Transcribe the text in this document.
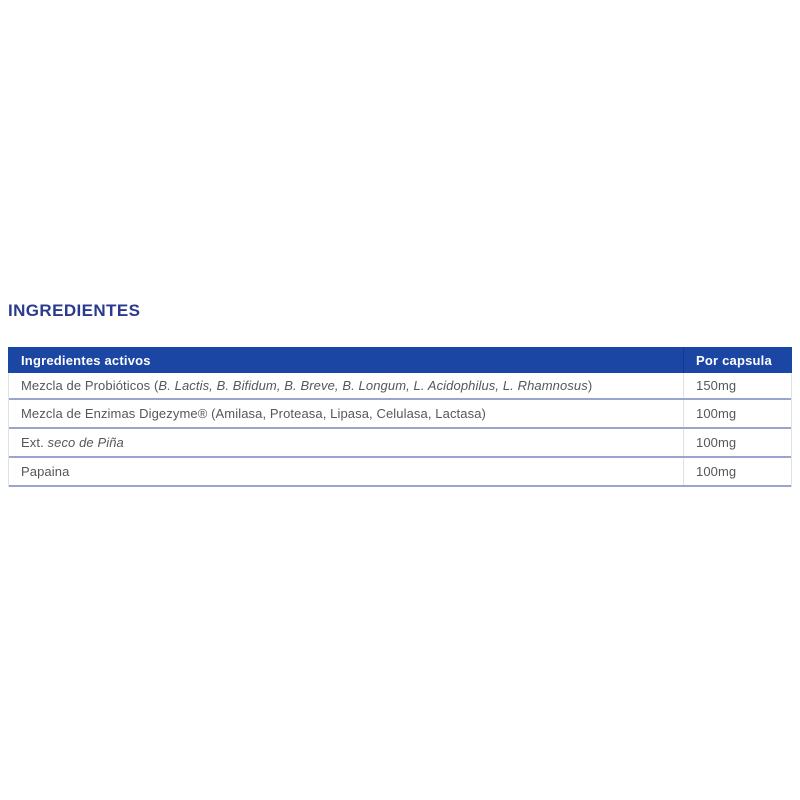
INGREDIENTES
Ingredientes activos	Por capsula
Mezcla de Probióticos ( B. Lactis, B. Bifidum, B. Breve, B. Longum, L. Acidophilus, L. Rhamnosus )	150mg
Mezcla de Enzimas Digezyme® (Amilasa, Proteasa, Lipasa, Celulasa, Lactasa)	100mg
Ext. seco de Piña	100mg
Papaina	100mg
